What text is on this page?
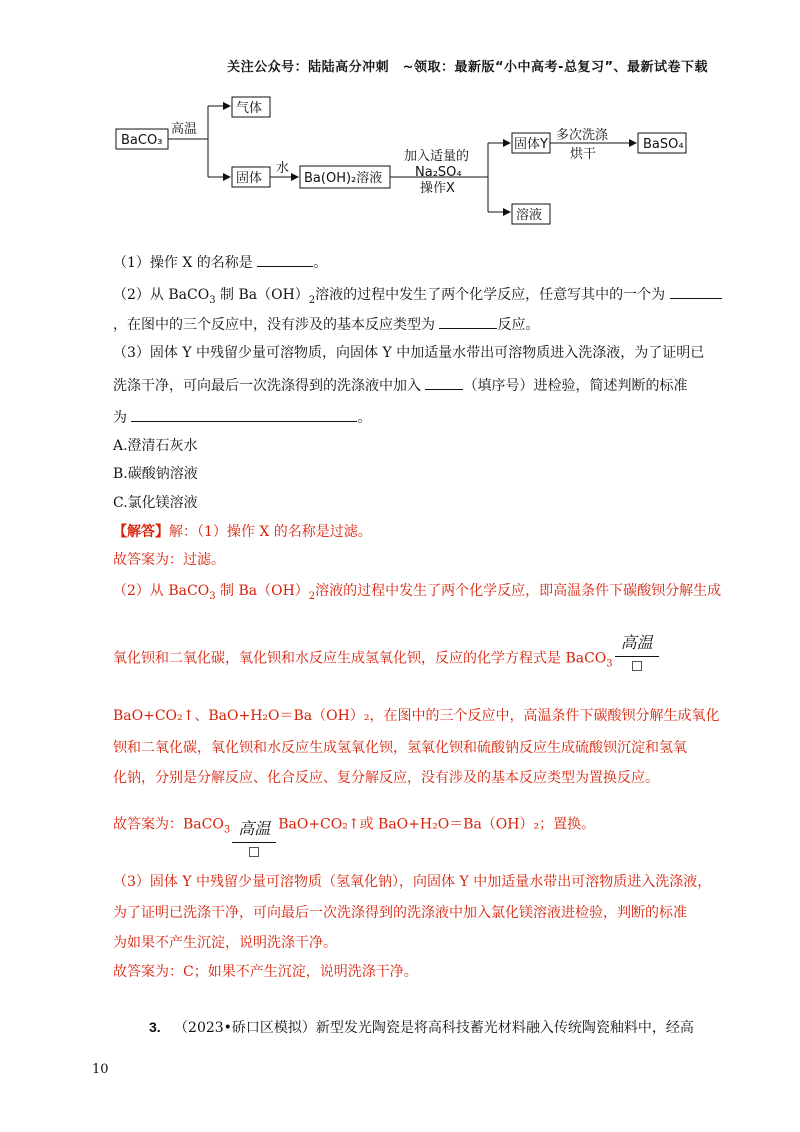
关注公众号：陆陆高分冲刺　~领取：最新版“小中高考-总复习”、最新试卷下载
BaCO₃
高温
气体
固体
水
Ba(OH)₂溶液
加入适量的
Na₂SO₄
操作X
固体Y
多次洗涤
烘干
BaSO₄
溶液
（1）操作 X 的名称是	。
（2）从 BaCO$_3$ 制 $Ba(OH)_2$溶液的过程中发生了两个化学反应，任意写其中的一个为
，在图中的三个反应中，没有涉及的基本反应类型为	反应。
（3）固体 Y 中残留少量可溶物质，向固体 Y 中加适量水带出可溶物质进入洗涤液，为了证明已
洗涤干净，可向最后一次洗涤得到的洗涤液中加入	（填序号）进检验，简述判断的标准
为	。
A.澄清石灰水
B.碳酸钠溶液
C.氯化镁溶液
【解答】解：（1）操作 X 的名称是过滤。
故答案为：过滤。
（2）从 BaCO$_3$ 制 $Ba(OH)_2$溶液的过程中发生了两个化学反应，即高温条件下碳酸钡分解生成
氧化钡和二氧化碳，氧化钡和水反应生成氢氧化钡，反应的化学方程式是 BaCO$_3$
高温
BaO+CO₂↑、BaO+H₂O＝Ba（OH）₂，在图中的三个反应中，高温条件下碳酸钡分解生成氧化
钡和二氧化碳，氧化钡和水反应生成氢氧化钡，氢氧化钡和硫酸钠反应生成硫酸钡沉淀和氢氧
化钠，分别是分解反应、化合反应、复分解反应，没有涉及的基本反应类型为置换反应。
故答案为：BaCO$_3$ 高温 BaO+CO₂↑或 BaO+H₂O＝Ba（OH）₂；置换。
（3）固体 Y 中残留少量可溶物质（氢氧化钠），向固体 Y 中加适量水带出可溶物质进入洗涤液，
为了证明已洗涤干净，可向最后一次洗涤得到的洗涤液中加入氯化镁溶液进检验，判断的标准
为如果不产生沉淀，说明洗涤干净。
故答案为：C；如果不产生沉淀，说明洗涤干净。
3. （2023•硚口区模拟）新型发光陶瓷是将高科技蓄光材料融入传统陶瓷釉料中，经高
10
